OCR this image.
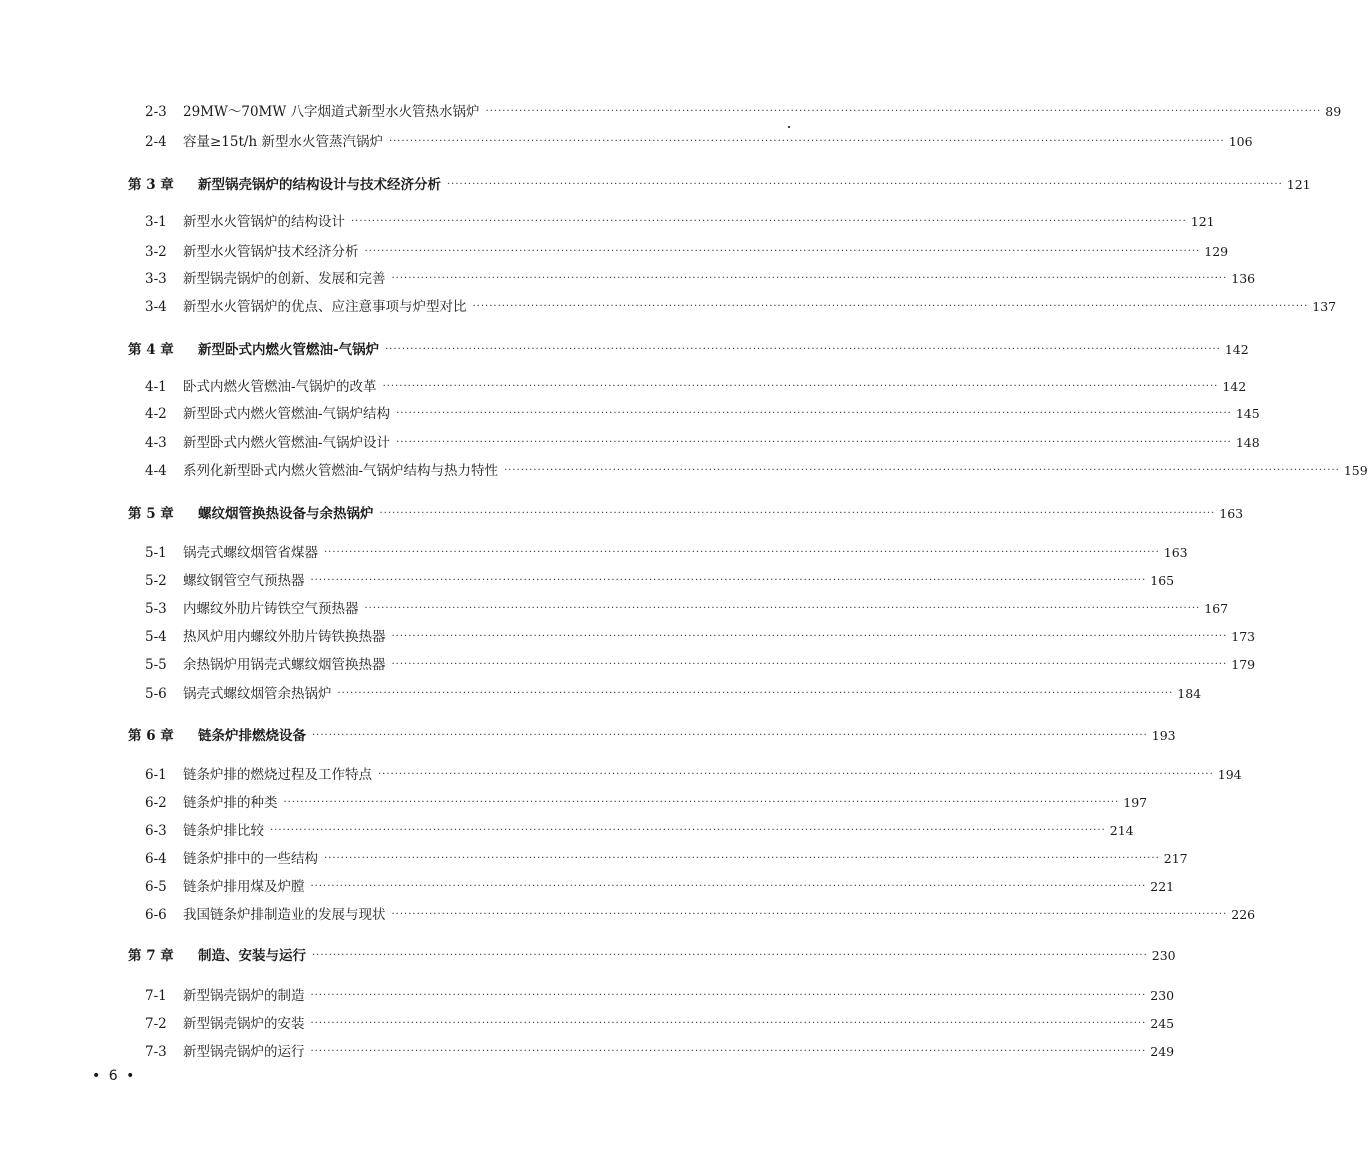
2-3	29MW～70MW 八字烟道式新型水火管热水锅炉 ········································································································································································································ 89
2-4	容量≥15t/h 新型水火管蒸汽锅炉 ········································································································································································································ 106
第 3 章	新型锅壳锅炉的结构设计与技术经济分析 ········································································································································································································ 121
3-1	新型水火管锅炉的结构设计 ········································································································································································································ 121
3-2	新型水火管锅炉技术经济分析 ········································································································································································································ 129
3-3	新型锅壳锅炉的创新、发展和完善 ········································································································································································································ 136
3-4	新型水火管锅炉的优点、应注意事项与炉型对比 ········································································································································································································ 137
第 4 章	新型卧式内燃火管燃油-气锅炉 ········································································································································································································ 142
4-1	卧式内燃火管燃油-气锅炉的改革 ········································································································································································································ 142
4-2	新型卧式内燃火管燃油-气锅炉结构 ········································································································································································································ 145
4-3	新型卧式内燃火管燃油-气锅炉设计 ········································································································································································································ 148
4-4	系列化新型卧式内燃火管燃油-气锅炉结构与热力特性 ········································································································································································································ 159
第 5 章	螺纹烟管换热设备与余热锅炉 ········································································································································································································ 163
5-1	锅壳式螺纹烟管省煤器 ········································································································································································································ 163
5-2	螺纹钢管空气预热器 ········································································································································································································ 165
5-3	内螺纹外肋片铸铁空气预热器 ········································································································································································································ 167
5-4	热风炉用内螺纹外肋片铸铁换热器 ········································································································································································································ 173
5-5	余热锅炉用锅壳式螺纹烟管换热器 ········································································································································································································ 179
5-6	锅壳式螺纹烟管余热锅炉 ········································································································································································································ 184
第 6 章	链条炉排燃烧设备 ········································································································································································································ 193
6-1	链条炉排的燃烧过程及工作特点 ········································································································································································································ 194
6-2	链条炉排的种类 ········································································································································································································ 197
6-3	链条炉排比较 ········································································································································································································ 214
6-4	链条炉排中的一些结构 ········································································································································································································ 217
6-5	链条炉排用煤及炉膛 ········································································································································································································ 221
6-6	我国链条炉排制造业的发展与现状 ········································································································································································································ 226
第 7 章	制造、安装与运行 ········································································································································································································ 230
7-1	新型锅壳锅炉的制造 ········································································································································································································ 230
7-2	新型锅壳锅炉的安装 ········································································································································································································ 245
7-3	新型锅壳锅炉的运行 ········································································································································································································ 249
• 6 •
